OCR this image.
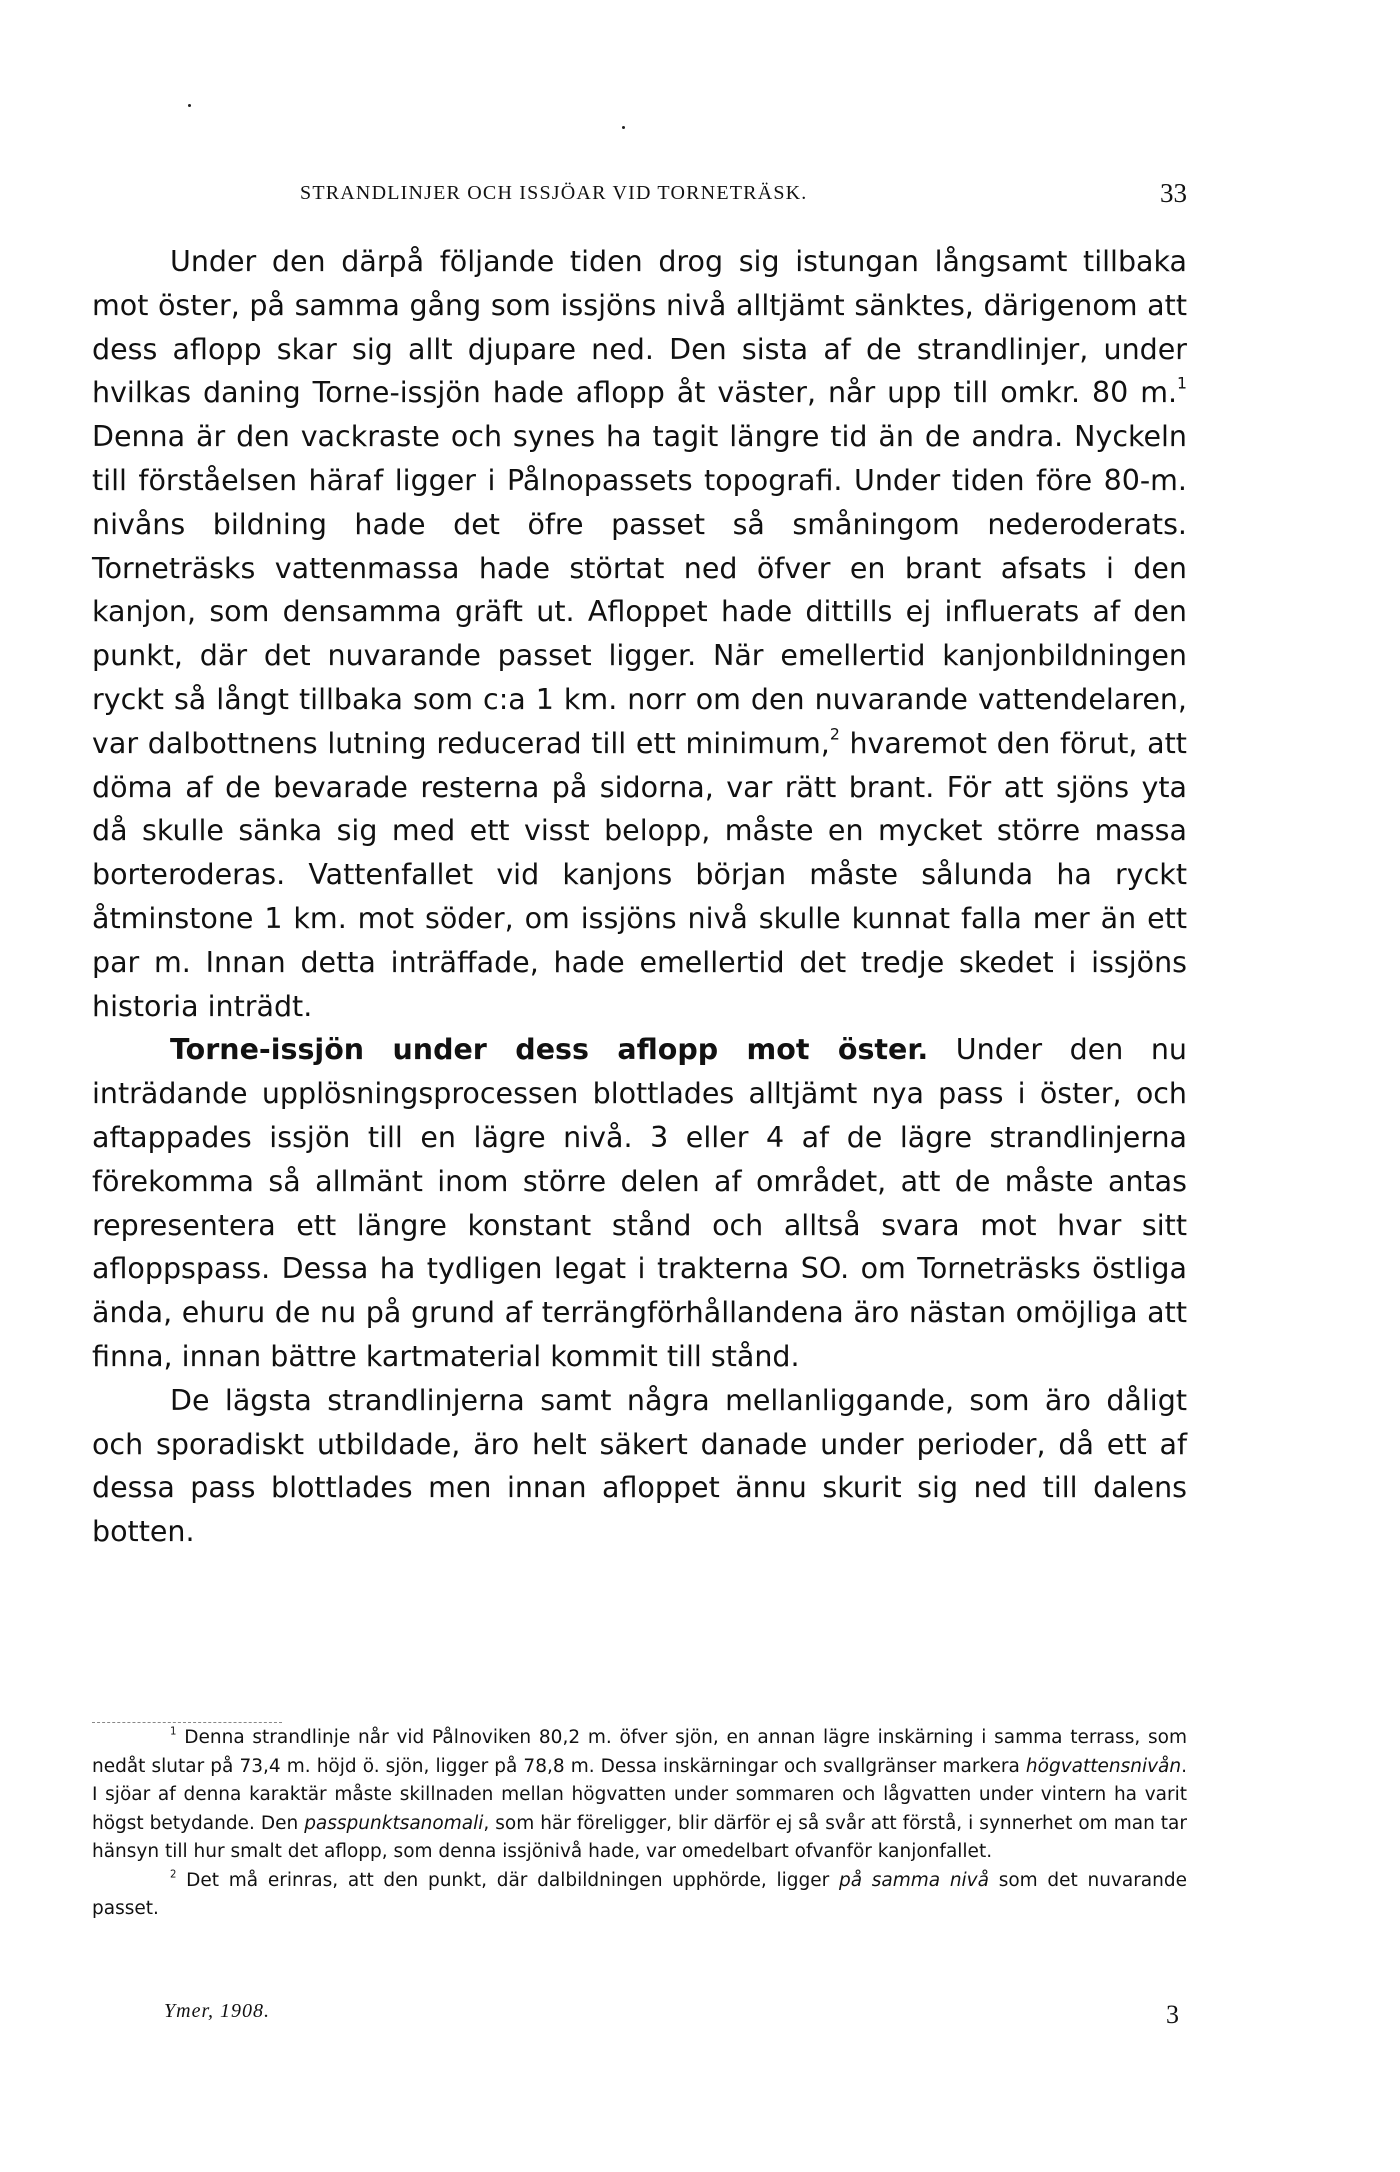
STRANDLINJER OCH ISSJÖAR VID TORNETRÄSK.	33

Under den därpå följande tiden drog sig istungan långsamt tillbaka mot öster, på samma gång som issjöns nivå alltjämt sänktes, därigenom att dess aflopp skar sig allt djupare ned. Den sista af de strandlinjer, under hvilkas daning Torne-issjön hade aflopp åt väster, når upp till omkr. 80 m.$^1$ Denna är den vackraste och synes ha tagit längre tid än de andra. Nyckeln till förståelsen häraf ligger i Pålnopassets topografi. Under tiden före 80-m. nivåns bildning hade det öfre passet så småningom nederoderats. Torneträsks vattenmassa hade störtat ned öfver en brant afsats i den kanjon, som densamma gräft ut. Afloppet hade dittills ej influerats af den punkt, där det nuvarande passet ligger. När emellertid kanjonbildningen ryckt så långt tillbaka som c:a 1 km. norr om den nuvarande vattendelaren, var dalbottnens lutning reducerad till ett minimum,$^2$ hvaremot den förut, att döma af de bevarade resterna på sidorna, var rätt brant. För att sjöns yta då skulle sänka sig med ett visst belopp, måste en mycket större massa borteroderas. Vattenfallet vid kanjons början måste sålunda ha ryckt åtminstone 1 km. mot söder, om issjöns nivå skulle kunnat falla mer än ett par m. Innan detta inträffade, hade emellertid det tredje skedet i issjöns historia inträdt.

Torne-issjön under dess aflopp mot öster. Under den nu inträdande upplösningsprocessen blottlades alltjämt nya pass i öster, och aftappades issjön till en lägre nivå. 3 eller 4 af de lägre strandlinjerna förekomma så allmänt inom större delen af området, att de måste antas representera ett längre konstant stånd och alltså svara mot hvar sitt afloppspass. Dessa ha tydligen legat i trakterna SO. om Torneträsks östliga ända, ehuru de nu på grund af terrängförhållandena äro nästan omöjliga att finna, innan bättre kartmaterial kommit till stånd.

De lägsta strandlinjerna samt några mellanliggande, som äro dåligt och sporadiskt utbildade, äro helt säkert danade under perioder, då ett af dessa pass blottlades men innan afloppet ännu skurit sig ned till dalens botten.

$^1$ Denna strandlinje når vid Pålnoviken 80,2 m. öfver sjön, en annan lägre inskärning i samma terrass, som nedåt slutar på 73,4 m. höjd ö. sjön, ligger på 78,8 m. Dessa inskärningar och svallgränser markera högvattensnivån. I sjöar af denna karaktär måste skillnaden mellan högvatten under sommaren och lågvatten under vintern ha varit högst betydande. Den passpunktsanomali, som här föreligger, blir därför ej så svår att förstå, i synnerhet om man tar hänsyn till hur smalt det aflopp, som denna issjönivå hade, var omedelbart ofvanför kanjonfallet.

$^2$ Det må erinras, att den punkt, där dalbildningen upphörde, ligger på samma nivå som det nuvarande passet.

Ymer, 1908.	3
